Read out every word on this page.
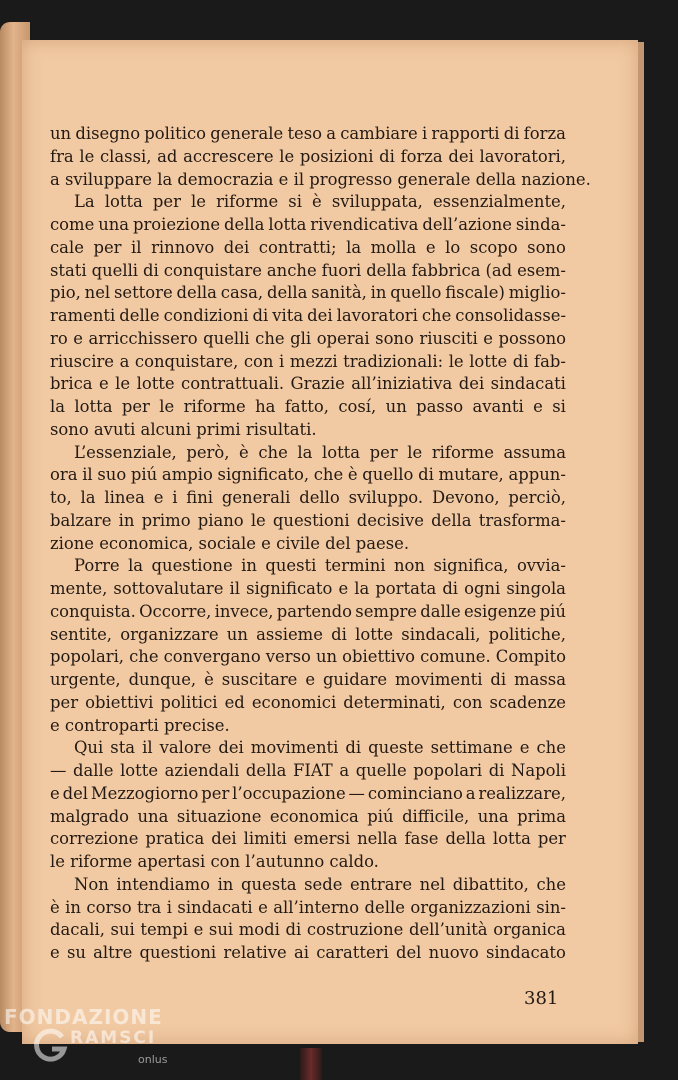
un disegno politico generale teso a cambiare i rapporti di forza
fra le classi, ad accrescere le posizioni di forza dei lavoratori,
a sviluppare la democrazia e il progresso generale della nazione.
La lotta per le riforme si è sviluppata, essenzialmente,
come una proiezione della lotta rivendicativa dell’azione sinda-
cale per il rinnovo dei contratti; la molla e lo scopo sono
stati quelli di conquistare anche fuori della fabbrica (ad esem-
pio, nel settore della casa, della sanità, in quello fiscale) miglio-
ramenti delle condizioni di vita dei lavoratori che consolidasse-
ro e arricchissero quelli che gli operai sono riusciti e possono
riuscire a conquistare, con i mezzi tradizionali: le lotte di fab-
brica e le lotte contrattuali. Grazie all’iniziativa dei sindacati
la lotta per le riforme ha fatto, cosí, un passo avanti e si
sono avuti alcuni primi risultati.
L’essenziale, però, è che la lotta per le riforme assuma
ora il suo piú ampio significato, che è quello di mutare, appun-
to, la linea e i fini generali dello sviluppo. Devono, perciò,
balzare in primo piano le questioni decisive della trasforma-
zione economica, sociale e civile del paese.
Porre la questione in questi termini non significa, ovvia-
mente, sottovalutare il significato e la portata di ogni singola
conquista. Occorre, invece, partendo sempre dalle esigenze piú
sentite, organizzare un assieme di lotte sindacali, politiche,
popolari, che convergano verso un obiettivo comune. Compito
urgente, dunque, è suscitare e guidare movimenti di massa
per obiettivi politici ed economici determinati, con scadenze
e controparti precise.
Qui sta il valore dei movimenti di queste settimane e che
— dalle lotte aziendali della FIAT a quelle popolari di Napoli
e del Mezzogiorno per l’occupazione — cominciano a realizzare,
malgrado una situazione economica piú difficile, una prima
correzione pratica dei limiti emersi nella fase della lotta per
le riforme apertasi con l’autunno caldo.
Non intendiamo in questa sede entrare nel dibattito, che
è in corso tra i sindacati e all’interno delle organizzazioni sin-
dacali, sui tempi e sui modi di costruzione dell’unità organica
e su altre questioni relative ai caratteri del nuovo sindacato
381
FONDAZIONE
RAMSCI
onlus
